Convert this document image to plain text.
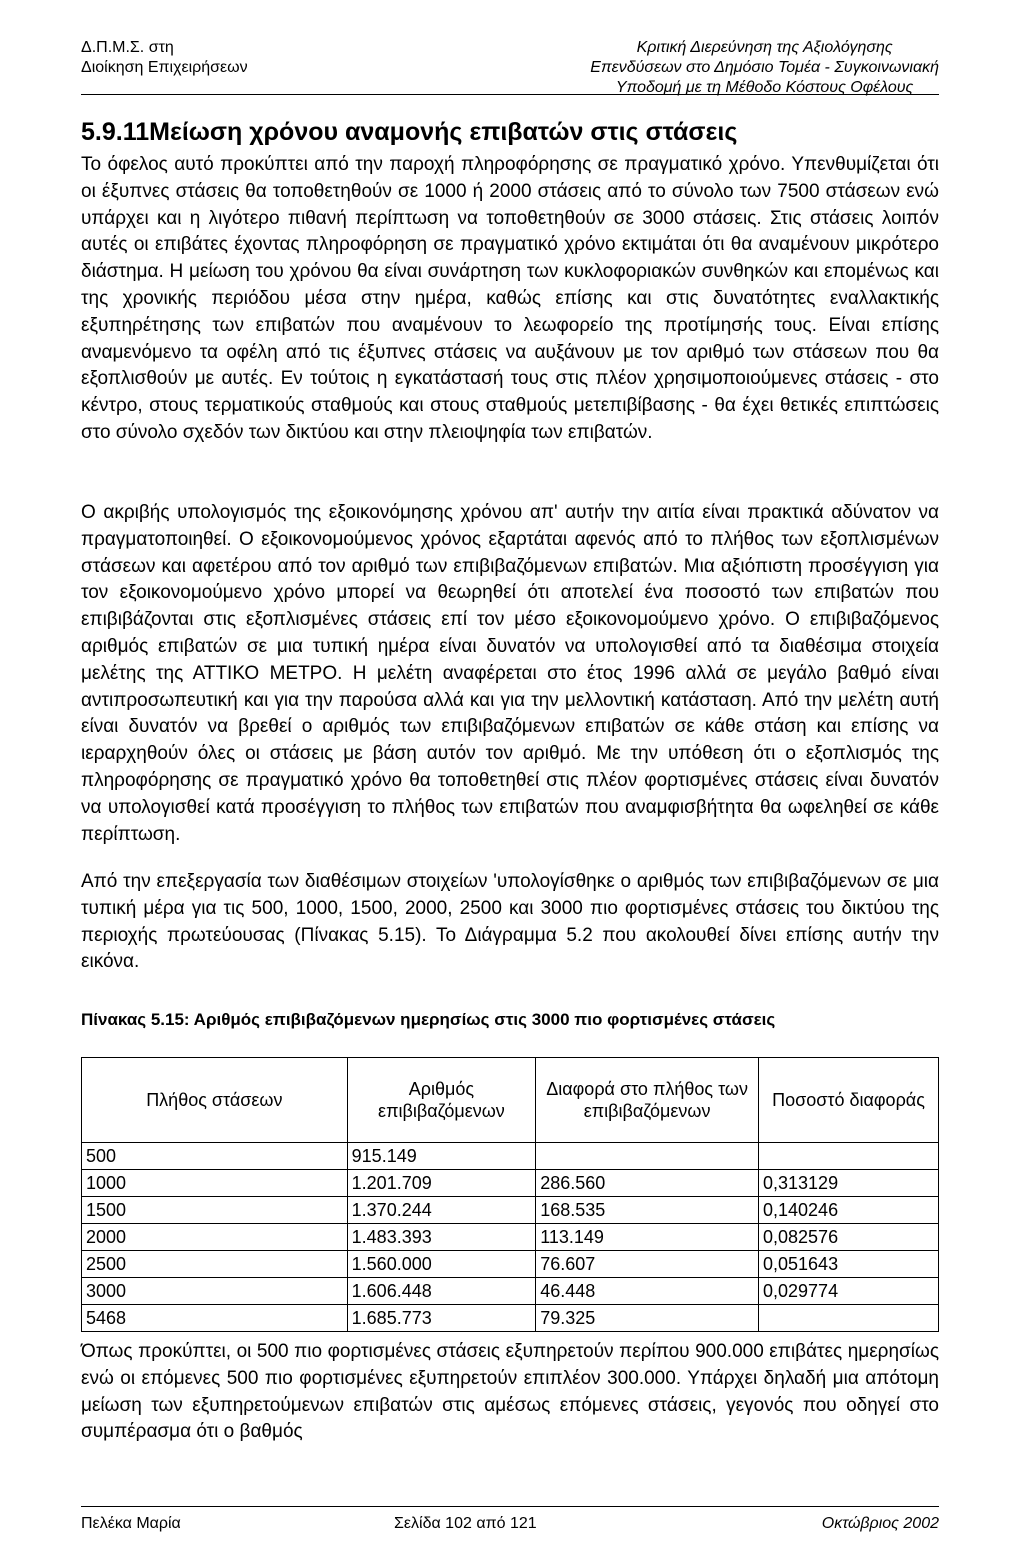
Δ.Π.Μ.Σ. στη
Διοίκηση Επιχειρήσεων
Κριτική Διερεύνηση της Αξιολόγησης
Επενδύσεων στο Δημόσιο Τομέα - Συγκοινωνιακή
Υποδομή με τη Μέθοδο Κόστους Οφέλους
5.9.11Μείωση χρόνου αναμονής επιβατών στις στάσεις

Το όφελος αυτό προκύπτει από την παροχή πληροφόρησης σε πραγματικό χρόνο. Υπενθυμίζεται ότι οι έξυπνες στάσεις θα τοποθετηθούν σε 1000 ή 2000 στάσεις από το σύνολο των 7500 στάσεων ενώ υπάρχει και η λιγότερο πιθανή περίπτωση να τοποθετηθούν σε 3000 στάσεις. Στις στάσεις λοιπόν αυτές οι επιβάτες έχοντας πληροφόρηση σε πραγματικό χρόνο εκτιμάται ότι θα αναμένουν μικρότερο διάστημα. Η μείωση του χρόνου θα είναι συνάρτηση των κυκλοφοριακών συνθηκών και επομένως και της χρονικής περιόδου μέσα στην ημέρα, καθώς επίσης και στις δυνατότητες εναλλακτικής εξυπηρέτησης των επιβατών που αναμένουν το λεωφορείο της προτίμησής τους. Είναι επίσης αναμενόμενο τα οφέλη από τις έξυπνες στάσεις να αυξάνουν με τον αριθμό των στάσεων που θα εξοπλισθούν με αυτές. Εν τούτοις η εγκατάστασή τους στις πλέον χρησιμοποιούμενες στάσεις - στο κέντρο, στους τερματικούς σταθμούς και στους σταθμούς μετεπιβίβασης - θα έχει θετικές επιπτώσεις στο σύνολο σχεδόν των δικτύου και στην πλειοψηφία των επιβατών.

Ο ακριβής υπολογισμός της εξοικονόμησης χρόνου απ' αυτήν την αιτία είναι πρακτικά αδύνατον να πραγματοποιηθεί. Ο εξοικονομούμενος χρόνος εξαρτάται αφενός από το πλήθος των εξοπλισμένων στάσεων και αφετέρου από τον αριθμό των επιβιβαζόμενων επιβατών. Μια αξιόπιστη προσέγγιση για τον εξοικονομούμενο χρόνο μπορεί να θεωρηθεί ότι αποτελεί ένα ποσοστό των επιβατών που επιβιβάζονται στις εξοπλισμένες στάσεις επί τον μέσο εξοικονομούμενο χρόνο. Ο επιβιβαζόμενος αριθμός επιβατών σε μια τυπική ημέρα είναι δυνατόν να υπολογισθεί από τα διαθέσιμα στοιχεία μελέτης της ΑΤΤΙΚΟ ΜΕΤΡΟ. Η μελέτη αναφέρεται στο έτος 1996 αλλά σε μεγάλο βαθμό είναι αντιπροσωπευτική και για την παρούσα αλλά και για την μελλοντική κατάσταση. Από την μελέτη αυτή είναι δυνατόν να βρεθεί ο αριθμός των επιβιβαζόμενων επιβατών σε κάθε στάση και επίσης να ιεραρχηθούν όλες οι στάσεις με βάση αυτόν τον αριθμό. Με την υπόθεση ότι ο εξοπλισμός της πληροφόρησης σε πραγματικό χρόνο θα τοποθετηθεί στις πλέον φορτισμένες στάσεις είναι δυνατόν να υπολογισθεί κατά προσέγγιση το πλήθος των επιβατών που αναμφισβήτητα θα ωφεληθεί σε κάθε περίπτωση.

Από την επεξεργασία των διαθέσιμων στοιχείων 'υπολογίσθηκε ο αριθμός των επιβιβαζόμενων σε μια τυπική μέρα για τις 500, 1000, 1500, 2000, 2500 και 3000 πιο φορτισμένες στάσεις του δικτύου της περιοχής πρωτεύουσας (Πίνακας 5.15). Το Διάγραμμα 5.2 που ακολουθεί δίνει επίσης αυτήν την εικόνα.

Πίνακας 5.15: Αριθμός επιβιβαζόμενων ημερησίως στις 3000 πιο φορτισμένες στάσεις

Πλήθος στάσεων	Αριθμός επιβιβαζόμενων	Διαφορά στο πλήθος των επιβιβαζόμενων	Ποσοστό διαφοράς
500	915.149		
1000	1.201.709	286.560	0,313129
1500	1.370.244	168.535	0,140246
2000	1.483.393	113.149	0,082576
2500	1.560.000	76.607	0,051643
3000	1.606.448	46.448	0,029774
5468	1.685.773	79.325	

Όπως προκύπτει, οι 500 πιο φορτισμένες στάσεις εξυπηρετούν περίπου 900.000 επιβάτες ημερησίως ενώ οι επόμενες 500 πιο φορτισμένες εξυπηρετούν επιπλέον 300.000. Υπάρχει δηλαδή μια απότομη μείωση των εξυπηρετούμενων επιβατών στις αμέσως επόμενες στάσεις, γεγονός που οδηγεί στο συμπέρασμα ότι ο βαθμός

Πελέκα Μαρία	Σελίδα 102 από 121	Οκτώβριος 2002
